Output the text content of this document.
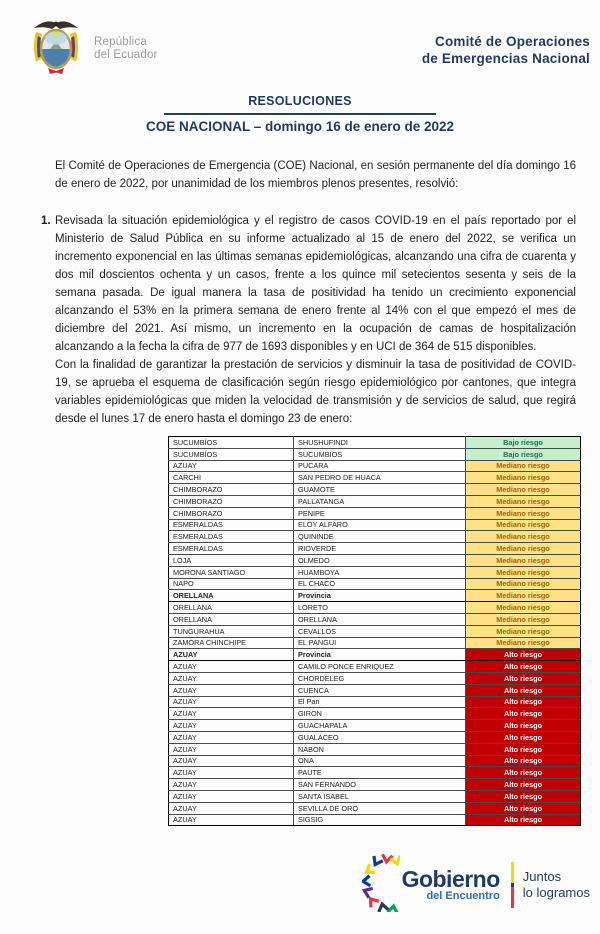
República
del Ecuador
Comité de Operaciones
de Emergencias Nacional
RESOLUCIONES
COE NACIONAL – domingo 16 de enero de 2022

El Comité de Operaciones de Emergencia (COE) Nacional, en sesión permanente del día domingo 16 de enero de 2022, por unanimidad de los miembros plenos presentes, resolvió:

1. Revisada la situación epidemiológica y el registro de casos COVID-19 en el país reportado por el Ministerio de Salud Pública en su informe actualizado al 15 de enero del 2022, se verifica un incremento exponencial en las últimas semanas epidemiológicas, alcanzando una cifra de cuarenta y dos mil doscientos ochenta y un casos, frente a los quince mil setecientos sesenta y seis de la semana pasada. De igual manera la tasa de positividad ha tenido un crecimiento exponencial alcanzando el 53% en la primera semana de enero frente al 14% con el que empezó el mes de diciembre del 2021. Así mismo, un incremento en la ocupación de camas de hospitalización alcanzando a la fecha la cifra de 977 de 1693 disponibles y en UCI de 364 de 515 disponibles.

Con la finalidad de garantizar la prestación de servicios y disminuir la tasa de positividad de COVID-19, se aprueba el esquema de clasificación según riesgo epidemiológico por cantones, que integra variables epidemiológicas que miden la velocidad de transmisión y de servicios de salud, que regirá desde el lunes 17 de enero hasta el domingo 23 de enero:

SUCUMBÍOS	SHUSHUFINDI	Bajo riesgo
SUCUMBÍOS	SUCUMBIOS	Bajo riesgo
AZUAY	PUCARA	Mediano riesgo
CARCHI	SAN PEDRO DE HUACA	Mediano riesgo
CHIMBORAZO	GUAMOTE	Mediano riesgo
CHIMBORAZO	PALLATANGA	Mediano riesgo
CHIMBORAZO	PENIPE	Mediano riesgo
ESMERALDAS	ELOY ALFARO	Mediano riesgo
ESMERALDAS	QUININDE	Mediano riesgo
ESMERALDAS	RIOVERDE	Mediano riesgo
LOJA	OLMEDO	Mediano riesgo
MORONA SANTIAGO	HUAMBOYA	Mediano riesgo
NAPO	EL CHACO	Mediano riesgo
ORELLANA	Provincia	Mediano riesgo
ORELLANA	LORETO	Mediano riesgo
ORELLANA	ORELLANA	Mediano riesgo
TUNGURAHUA	CEVALLOS	Mediano riesgo
ZAMORA CHINCHIPE	EL PANGUI	Mediano riesgo
AZUAY	Provincia	Alto riesgo
AZUAY	CAMILO PONCE ENRIQUEZ	Alto riesgo
AZUAY	CHORDELEG	Alto riesgo
AZUAY	CUENCA	Alto riesgo
AZUAY	El Pan	Alto riesgo
AZUAY	GIRON	Alto riesgo
AZUAY	GUACHAPALA	Alto riesgo
AZUAY	GUALACEO	Alto riesgo
AZUAY	NABON	Alto riesgo
AZUAY	ONA	Alto riesgo
AZUAY	PAUTE	Alto riesgo
AZUAY	SAN FERNANDO	Alto riesgo
AZUAY	SANTA ISABEL	Alto riesgo
AZUAY	SEVILLA DE ORO	Alto riesgo
AZUAY	SIGSIG	Alto riesgo
Gobierno
del Encuentro
Juntos
lo logramos
